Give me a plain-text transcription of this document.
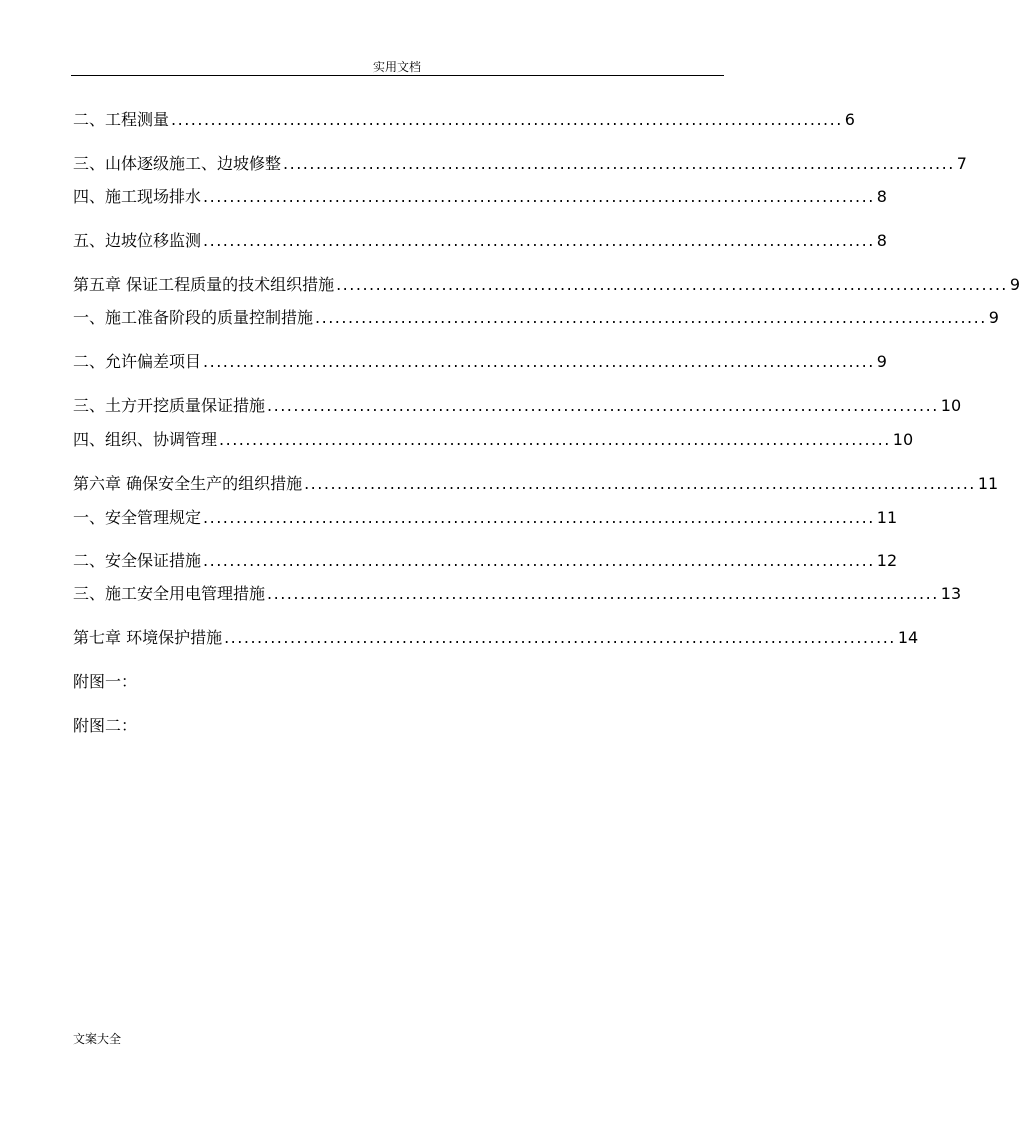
实用文档
二、工程测量 ...................................................................................................... 6
三、山体逐级施工、边坡修整 ...................................................................................................... 7
四、施工现场排水 ...................................................................................................... 8
五、边坡位移监测 ...................................................................................................... 8
第五章 保证工程质量的技术组织措施 ...................................................................................................... 9
一、施工准备阶段的质量控制措施 ...................................................................................................... 9
二、允许偏差项目 ...................................................................................................... 9
三、土方开挖质量保证措施 ...................................................................................................... 10
四、组织、协调管理 ...................................................................................................... 10
第六章 确保安全生产的组织措施 ...................................................................................................... 11
一、安全管理规定 ...................................................................................................... 11
二、安全保证措施 ...................................................................................................... 12
三、施工安全用电管理措施 ...................................................................................................... 13
第七章 环境保护措施 ...................................................................................................... 14
附图一：
附图二：
文案大全
